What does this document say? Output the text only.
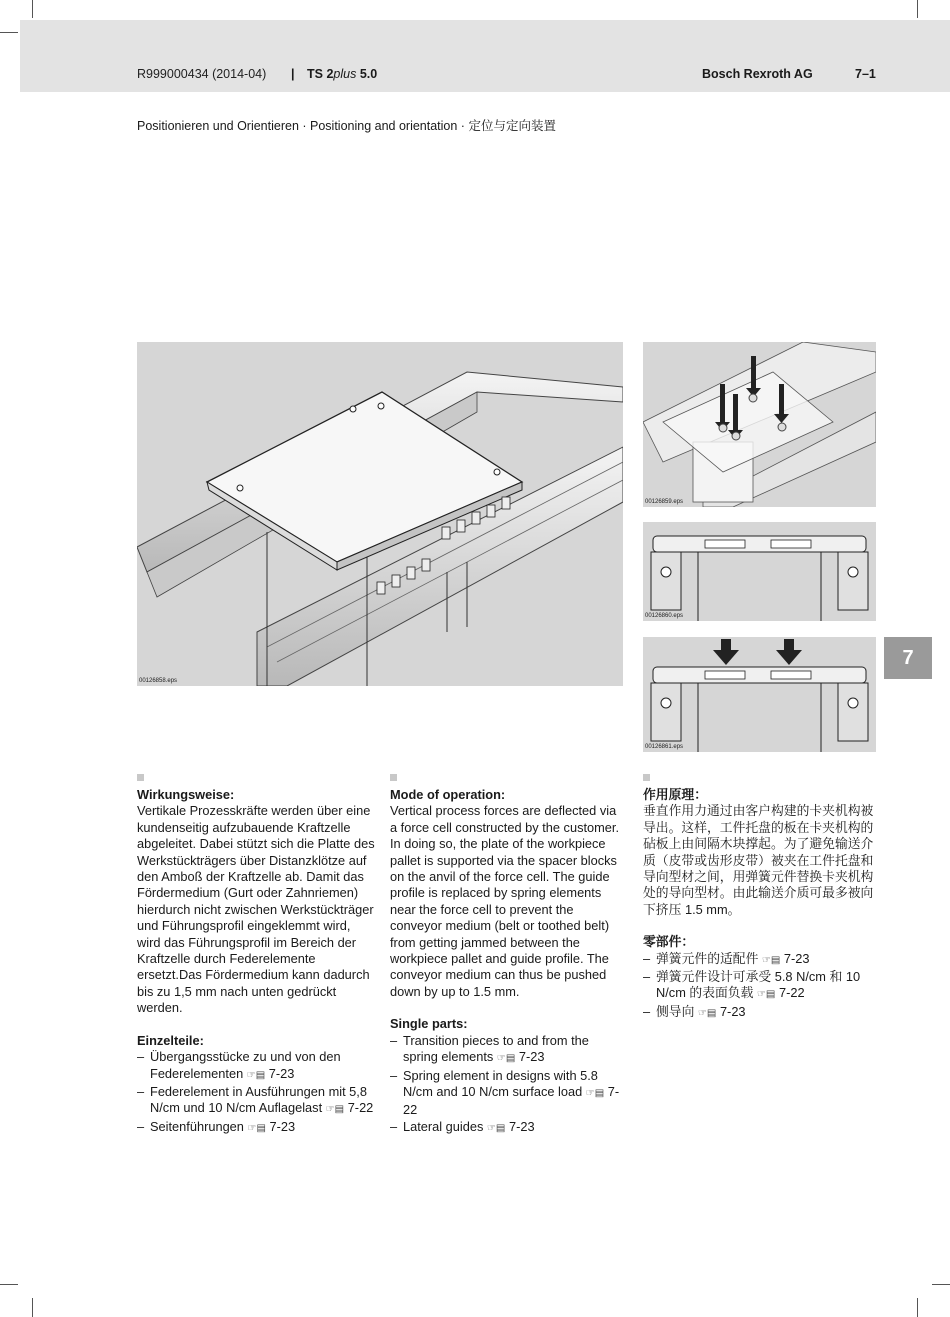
R999000434 (2014-04) | TS 2plus 5.0	Bosch Rexroth AG	7–1
Positionieren und Orientieren · Positioning and orientation · 定位与定向装置
00126858.eps
00126859.eps
00126860.eps
00126861.eps
7
Wirkungsweise:

Vertikale Prozesskräfte werden über eine kundenseitig aufzubauende Kraftzelle abgeleitet. Dabei stützt sich die Platte des Werkstückträgers über Distanzklötze auf den Amboß der Kraftzelle ab. Damit das Fördermedium (Gurt oder Zahnriemen) hierdurch nicht zwischen Werkstückträger und Führungsprofil eingeklemmt wird, wird das Führungsprofil im Bereich der Kraftzelle durch Federelemente ersetzt.Das Fördermedium kann dadurch bis zu 1,5 mm nach unten gedrückt werden.

Einzelteile:
– Übergangsstücke zu und von den Federelementen ☞▤ 7-23
– Federelement in Ausführungen mit 5,8 N/cm und 10 N/cm Auflagelast ☞▤ 7-22
– Seitenführungen ☞▤ 7-23
Mode of operation:

Vertical process forces are deflected via a force cell constructed by the customer. In doing so, the plate of the workpiece pallet is supported via the spacer blocks on the anvil of the force cell. The guide profile is replaced by spring elements near the force cell to prevent the conveyor medium (belt or toothed belt) from getting jammed between the workpiece pallet and guide profile. The conveyor medium can thus be pushed down by up to 1.5 mm.

Single parts:
– Transition pieces to and from the spring elements ☞▤ 7-23
– Spring element in designs with 5.8 N/cm and 10 N/cm surface load ☞▤ 7-22
– Lateral guides ☞▤ 7-23
作用原理：

垂直作用力通过由客户构建的卡夹机构被导出。这样，工件托盘的板在卡夹机构的砧板上由间隔木块撑起。为了避免输送介质（皮带或齿形皮带）被夹在工件托盘和导向型材之间，用弹簧元件替换卡夹机构处的导向型材。由此输送介质可最多被向下挤压 1.5 mm。

零部件：
– 弹簧元件的适配件 ☞▤ 7-23
– 弹簧元件设计可承受 5.8 N/cm 和 10 N/cm 的表面负载 ☞▤ 7-22
– 侧导向 ☞▤ 7-23
